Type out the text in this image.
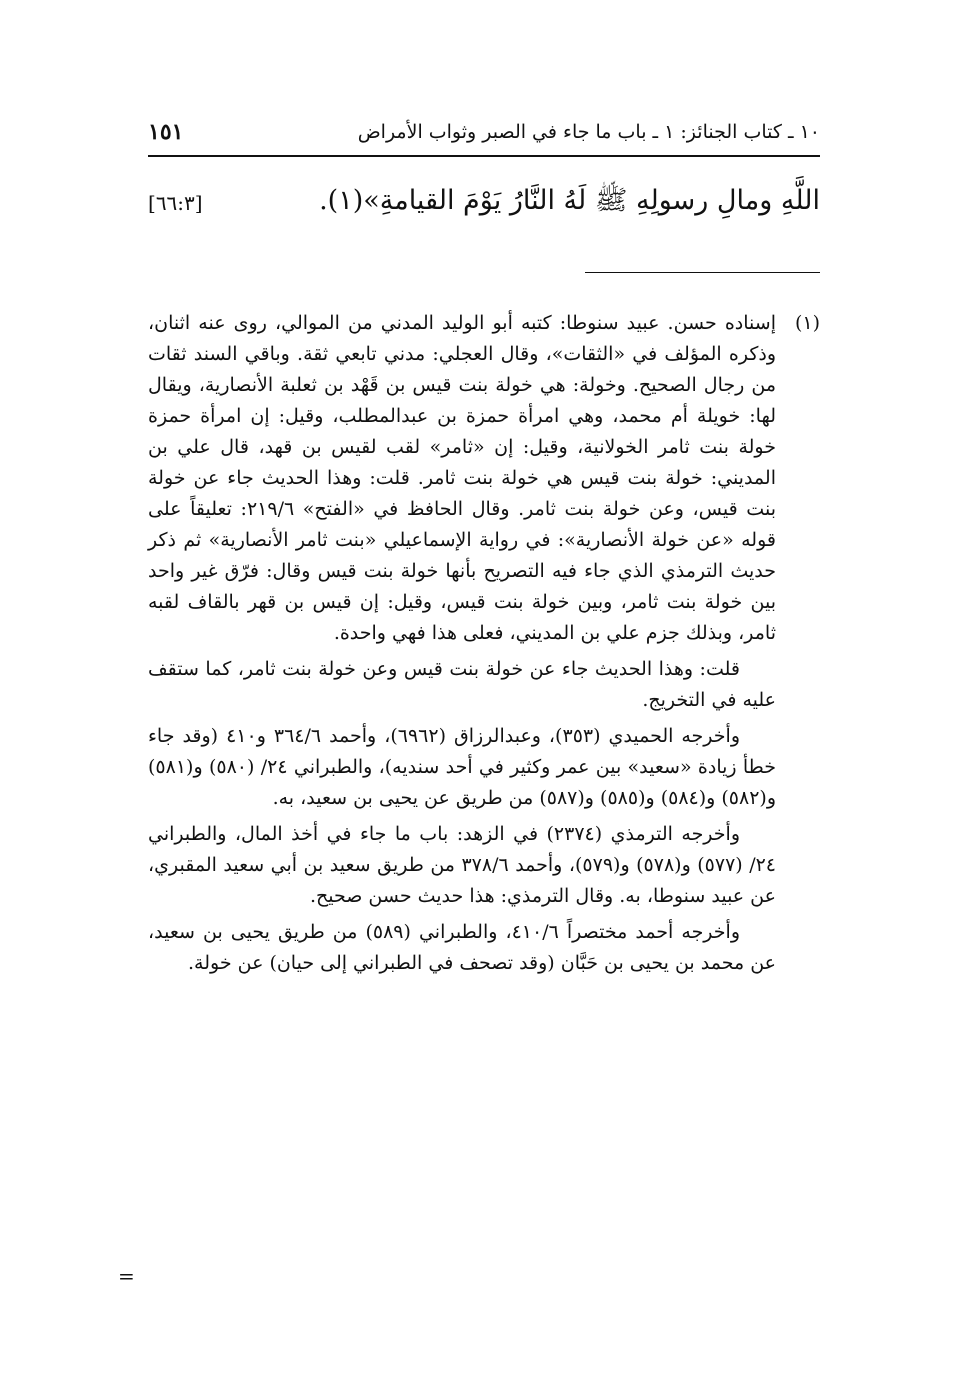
١٠ ـ كتاب الجنائز: ١ ـ باب ما جاء في الصبر وثواب الأمراض
١٥١
اللَّهِ ومالِ رسولِهِ ﷺ لَهُ النَّارُ يَوْمَ القيامةِ»(١).
[٦٦:٣]
(١)

إسناده حسن. عبيد سنوطا: كتبه أبو الوليد المدني من الموالي، روى عنه اثنان، وذكره المؤلف في «الثقات»، وقال العجلي: مدني تابعي ثقة. وباقي السند ثقات من رجال الصحيح. وخولة: هي خولة بنت قيس بن قَهْد بن ثعلبة الأنصارية، ويقال لها: خويلة أم محمد، وهي امرأة حمزة بن عبدالمطلب، وقيل: إن امرأة حمزة خولة بنت ثامر الخولانية، وقيل: إن «ثامر» لقب لقيس بن قهد، قال علي بن المديني: خولة بنت قيس هي خولة بنت ثامر. قلت: وهذا الحديث جاء عن خولة بنت قيس، وعن خولة بنت ثامر. وقال الحافظ في «الفتح» ٢١٩/٦: تعليقاً على قوله «عن خولة الأنصارية»: في رواية الإسماعيلي «بنت ثامر الأنصارية» ثم ذكر حديث الترمذي الذي جاء فيه التصريح بأنها خولة بنت قيس وقال: فرّق غير واحد بين خولة بنت ثامر، وبين خولة بنت قيس، وقيل: إن قيس بن قهر بالقاف لقبه ثامر، وبذلك جزم علي بن المديني، فعلى هذا فهي واحدة.

قلت: وهذا الحديث جاء عن خولة بنت قيس وعن خولة بنت ثامر، كما ستقف عليه في التخريج.

وأخرجه الحميدي (٣٥٣)، وعبدالرزاق (٦٩٦٢)، وأحمد ٣٦٤/٦ و٤١٠ (وقد جاء خطأ زيادة «سعيد» بين عمر وكثير في أحد سنديه)، والطبراني ٢٤/ (٥٨٠) و(٥٨١) و(٥٨٢) و(٥٨٤) و(٥٨٥) و(٥٨٧) من طريق عن يحيى بن سعيد، به.

وأخرجه الترمذي (٢٣٧٤) في الزهد: باب ما جاء في أخذ المال، والطبراني ٢٤/ (٥٧٧) و(٥٧٨) و(٥٧٩)، وأحمد ٣٧٨/٦ من طريق سعيد بن أبي سعيد المقبري، عن عبيد سنوطا، به. وقال الترمذي: هذا حديث حسن صحيح.

وأخرجه أحمد مختصراً ٤١٠/٦، والطبراني (٥٨٩) من طريق يحيى بن سعيد، عن محمد بن يحيى بن حَبَّان (وقد تصحف في الطبراني إلى حيان) عن خولة.

=
